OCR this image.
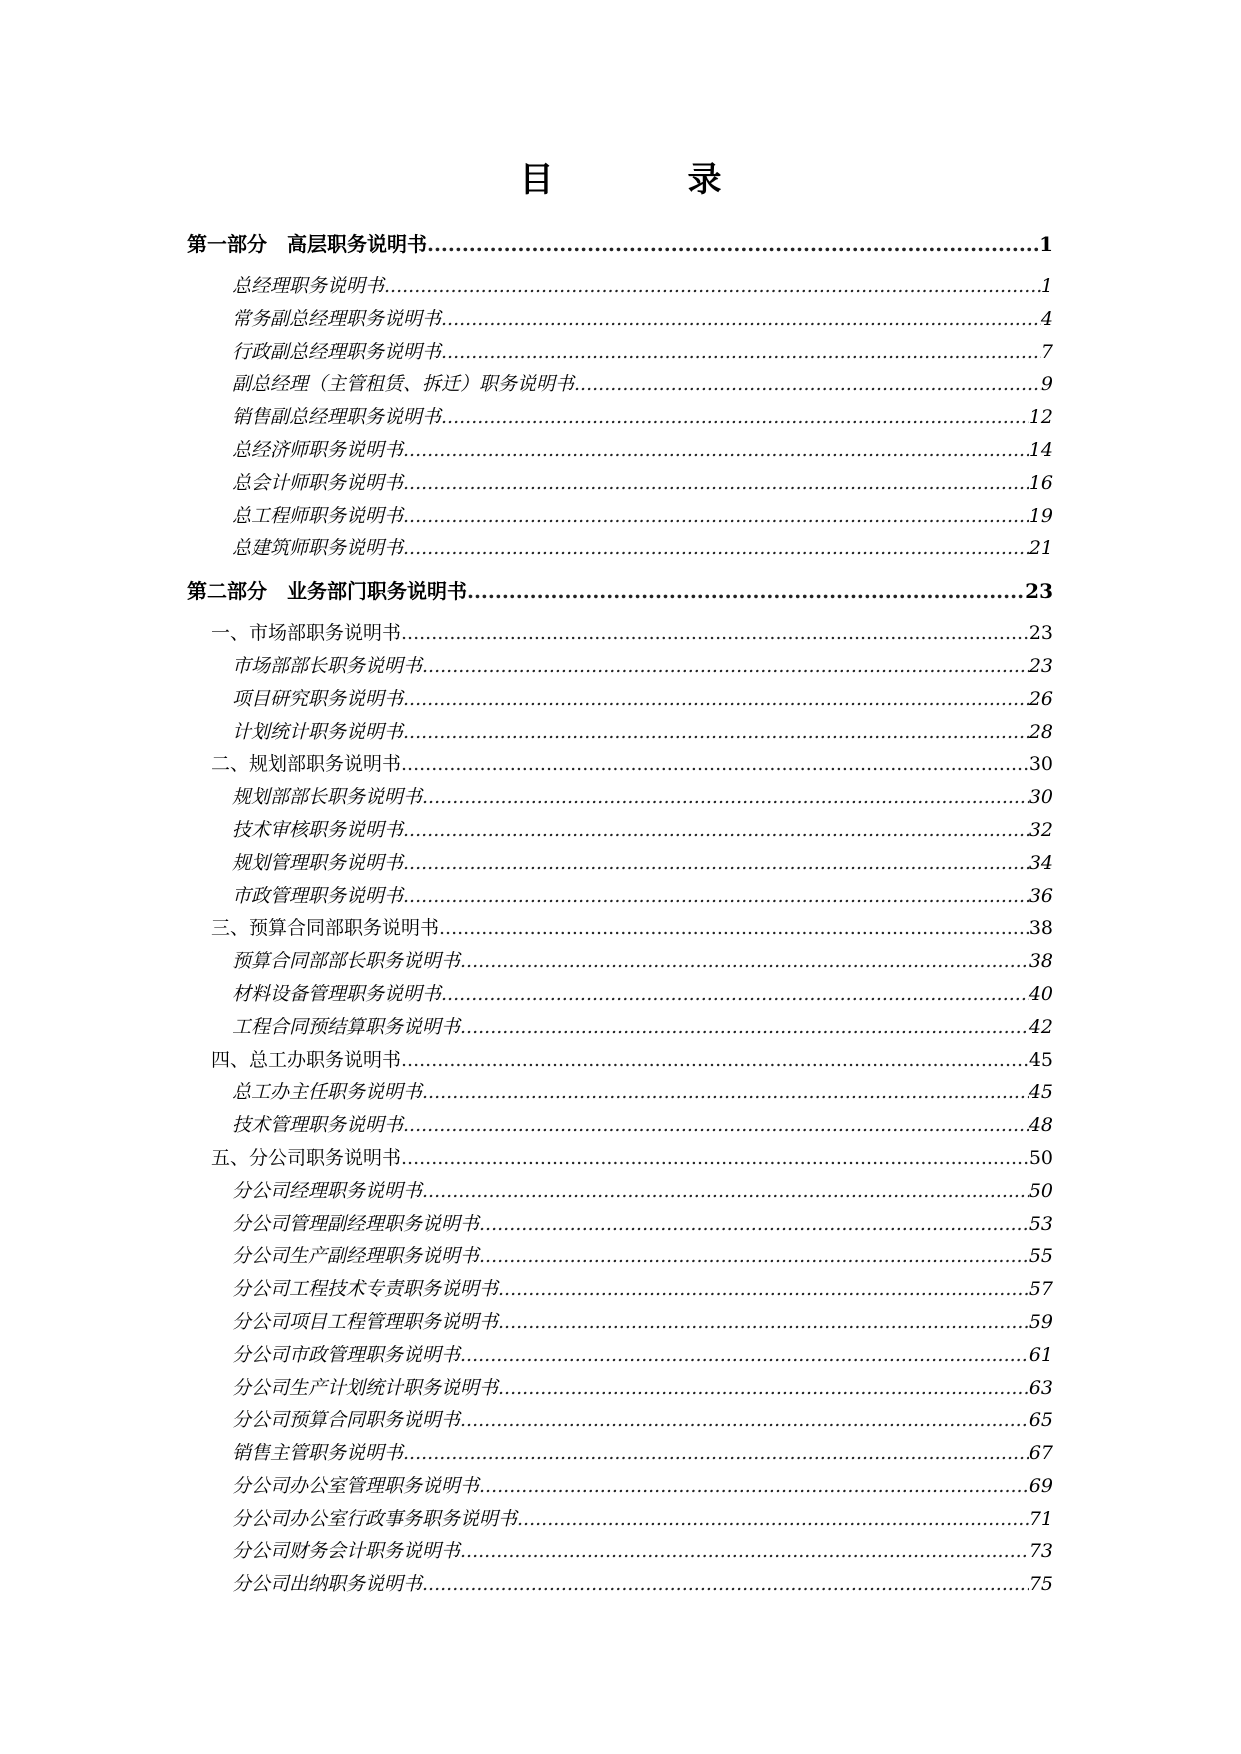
目　录
第一部分　高层职务说明书 .....	1
总经理职务说明书 .....	1
常务副总经理职务说明书 .....	4
行政副总经理职务说明书 .....	7
副总经理（主管租赁、拆迁）职务说明书 .....	9
销售副总经理职务说明书 .....	12
总经济师职务说明书 .....	14
总会计师职务说明书 .....	16
总工程师职务说明书 .....	19
总建筑师职务说明书 .....	21
第二部分　业务部门职务说明书 .....	23
一、市场部职务说明书 .....	23
市场部部长职务说明书 .....	23
项目研究职务说明书 .....	26
计划统计职务说明书 .....	28
二、规划部职务说明书 .....	30
规划部部长职务说明书 .....	30
技术审核职务说明书 .....	32
规划管理职务说明书 .....	34
市政管理职务说明书 .....	36
三、预算合同部职务说明书 .....	38
预算合同部部长职务说明书 .....	38
材料设备管理职务说明书 .....	40
工程合同预结算职务说明书 .....	42
四、总工办职务说明书 .....	45
总工办主任职务说明书 .....	45
技术管理职务说明书 .....	48
五、分公司职务说明书 .....	50
分公司经理职务说明书 .....	50
分公司管理副经理职务说明书 .....	53
分公司生产副经理职务说明书 .....	55
分公司工程技术专责职务说明书 .....	57
分公司项目工程管理职务说明书 .....	59
分公司市政管理职务说明书 .....	61
分公司生产计划统计职务说明书 .....	63
分公司预算合同职务说明书 .....	65
销售主管职务说明书 .....	67
分公司办公室管理职务说明书 .....	69
分公司办公室行政事务职务说明书 .....	71
分公司财务会计职务说明书 .....	73
分公司出纳职务说明书 .....	75
